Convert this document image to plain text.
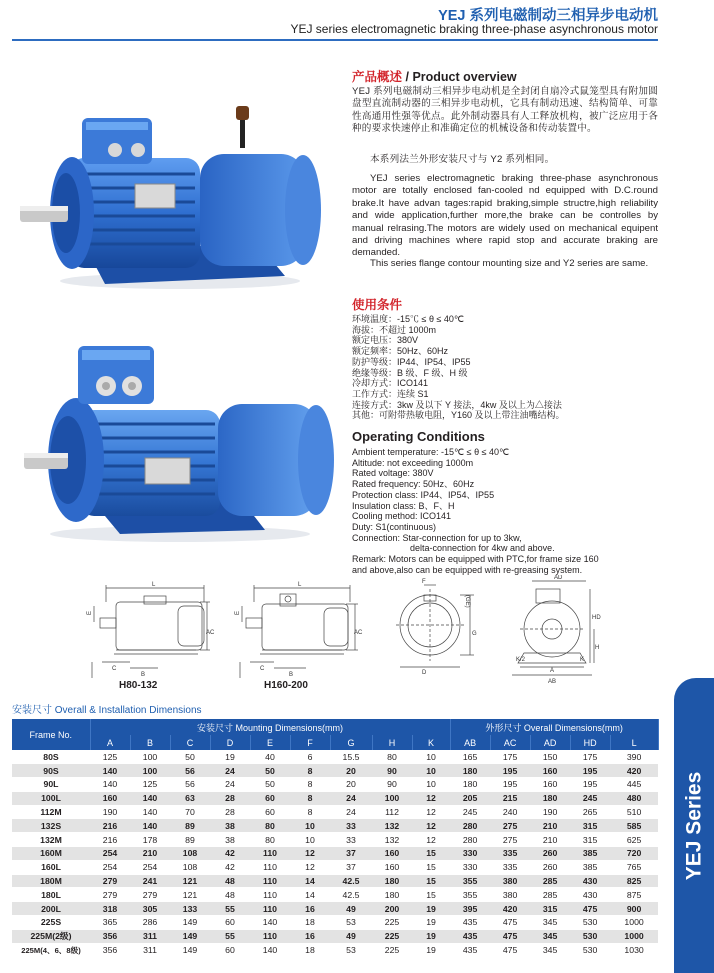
YEJ 系列电磁制动三相异步电动机
YEJ series electromagnetic braking three-phase asynchronous motor
产品概述 / Product overview
YEJ 系列电磁制动三相异步电动机是全封闭自扇冷式鼠笼型具有附加圆盘型直流制动器的三相异步电动机，它具有制动迅速、结构简单、可靠性高通用性强等优点。此外制动器具有人工释放机构，被广泛应用于各种的要求快速停止和准确定位的机械设备和传动装置中。
本系列法兰外形安装尺寸与 Y2 系列相同。
YEJ series electromagnetic braking three-phase asynchronous motor are totally enclosed fan-cooled nd equipped with D.C.round brake.It have advan tages:rapid braking,simple structre,high reliability and wide application,further more,the brake can be controlles by manual relrasing.The motors are widely used on mechanical equipent and driving machines where rapid stop and accurate braking are demanded.
This series flange contour mounting size and Y2 series are same.
使用条件
环境温度：-15℃ ≤ θ ≤ 40℃
海拔：不超过 1000m
额定电压：380V
额定频率：50Hz、60Hz
防护等级：IP44、IP54、IP55
绝缘等级：B 级、F 级、H 级
冷却方式：ICO141
工作方式：连续 S1
连接方式：3kw 及以下 Y 接法，4kw 及以上为△接法
其他：可附带热敏电阻，Y160 及以上带注油嘴结构。
Operating Conditions
Ambient temperature: -15℃ ≤ θ ≤ 40℃
Altitude: not exceeding 1000m
Rated voltage: 380V
Rated frequency: 50Hz、60Hz
Protection class: IP44、IP54、IP55
Insulation class: B、F、H
Cooling method: ICO141
Duty: S1(continuous)
Connection: Star-connection for up to 3kw,
delta-connection for 4kw and above.
Remark: Motors can be equipped with PTC,for frame size 160
and above,also can be equipped with re-greasing system.
L
E
C
B
AC
H80-132
L
E
C
B
AC
H160-200
F
(GE)
G
D
AD
HD
H
K
K/2
A
AB
安装尺寸 Overall & Installation Dimensions
Frame No.	安装尺寸 Mounting Dimensions(mm)									外形尺寸 Overall Dimensions(mm)				
	A	B	C	D	E	F	G	H	K	AB	AC	AD	HD	L
80S	125	100	50	19	40	6	15.5	80	10	165	175	150	175	390
90S	140	100	56	24	50	8	20	90	10	180	195	160	195	420
90L	140	125	56	24	50	8	20	90	10	180	195	160	195	445
100L	160	140	63	28	60	8	24	100	12	205	215	180	245	480
112M	190	140	70	28	60	8	24	112	12	245	240	190	265	510
132S	216	140	89	38	80	10	33	132	12	280	275	210	315	585
132M	216	178	89	38	80	10	33	132	12	280	275	210	315	625
160M	254	210	108	42	110	12	37	160	15	330	335	260	385	720
160L	254	254	108	42	110	12	37	160	15	330	335	260	385	765
180M	279	241	121	48	110	14	42.5	180	15	355	380	285	430	825
180L	279	279	121	48	110	14	42.5	180	15	355	380	285	430	875
200L	318	305	133	55	110	16	49	200	19	395	420	315	475	900
225S	365	286	149	60	140	18	53	225	19	435	475	345	530	1000
225M(2级)	356	311	149	55	110	16	49	225	19	435	475	345	530	1000
225M(4、6、8级)	356	311	149	60	140	18	53	225	19	435	475	345	530	1030
YEJ Series
